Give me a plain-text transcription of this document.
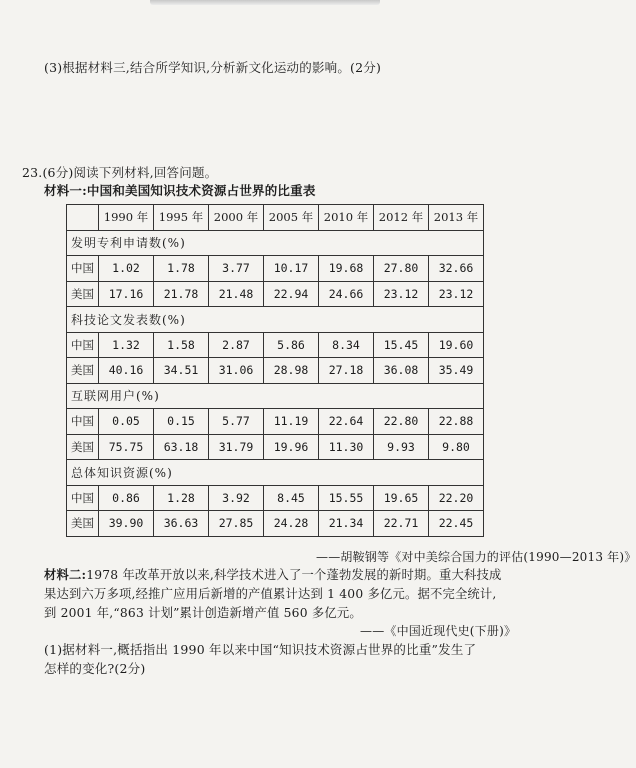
(3)根据材料三,结合所学知识,分析新文化运动的影响。(2分)
23.(6分)阅读下列材料,回答问题。
材料一:中国和美国知识技术资源占世界的比重表
	1990 年	1995 年	2000 年	2005 年	2010 年	2012 年	2013 年
发明专利申请数(%)							
中国	1.02	1.78	3.77	10.17	19.68	27.80	32.66
美国	17.16	21.78	21.48	22.94	24.66	23.12	23.12
科技论文发表数(%)							
中国	1.32	1.58	2.87	5.86	8.34	15.45	19.60
美国	40.16	34.51	31.06	28.98	27.18	36.08	35.49
互联网用户(%)							
中国	0.05	0.15	5.77	11.19	22.64	22.80	22.88
美国	75.75	63.18	31.79	19.96	11.30	9.93	9.80
总体知识资源(%)							
中国	0.86	1.28	3.92	8.45	15.55	19.65	22.20
美国	39.90	36.63	27.85	24.28	21.34	22.71	22.45
——胡鞍钢等《对中美综合国力的评估(1990—2013 年)》
材料二:1978 年改革开放以来,科学技术进入了一个蓬勃发展的新时期。重大科技成果达到六万多项,经推广应用后新增的产值累计达到 1 400 多亿元。据不完全统计,到 2001 年,“863 计划”累计创造新增产值 560 多亿元。
——《中国近现代史(下册)》
(1)据材料一,概括指出 1990 年以来中国“知识技术资源占世界的比重”发生了怎样的变化?(2分)
